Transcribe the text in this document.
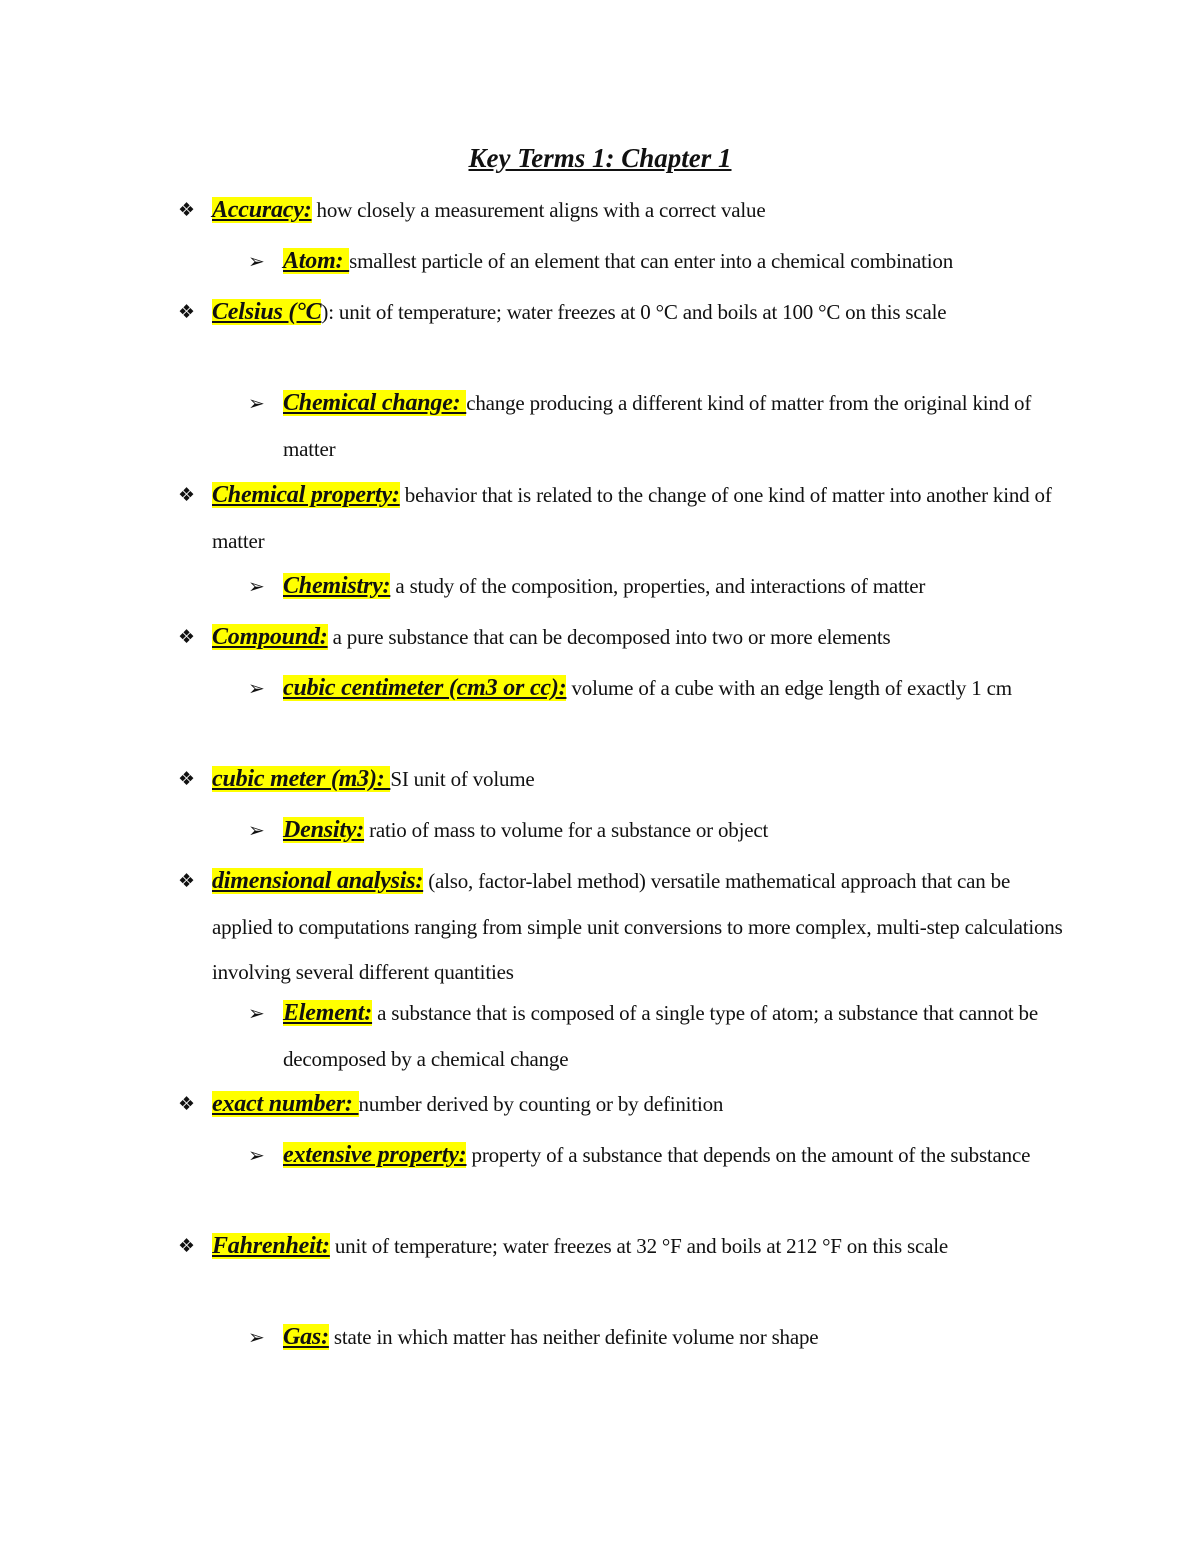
Key Terms 1: Chapter 1
❖ Accuracy: how closely a measurement aligns with a correct value
➢ Atom: smallest particle of an element that can enter into a chemical combination
❖ Celsius (°C): unit of temperature; water freezes at 0 °C and boils at 100 °C on this scale
➢ Chemical change: change producing a different kind of matter from the original kind of matter
❖ Chemical property: behavior that is related to the change of one kind of matter into another kind of matter
➢ Chemistry: a study of the composition, properties, and interactions of matter
❖ Compound: a pure substance that can be decomposed into two or more elements
➢ cubic centimeter (cm3 or cc): volume of a cube with an edge length of exactly 1 cm
❖ cubic meter (m3): SI unit of volume
➢ Density: ratio of mass to volume for a substance or object
❖ dimensional analysis: (also, factor-label method) versatile mathematical approach that can be applied to computations ranging from simple unit conversions to more complex, multi-step calculations involving several different quantities
➢ Element: a substance that is composed of a single type of atom; a substance that cannot be decomposed by a chemical change
❖ exact number: number derived by counting or by definition
➢ extensive property: property of a substance that depends on the amount of the substance
❖ Fahrenheit: unit of temperature; water freezes at 32 °F and boils at 212 °F on this scale
➢ Gas: state in which matter has neither definite volume nor shape
